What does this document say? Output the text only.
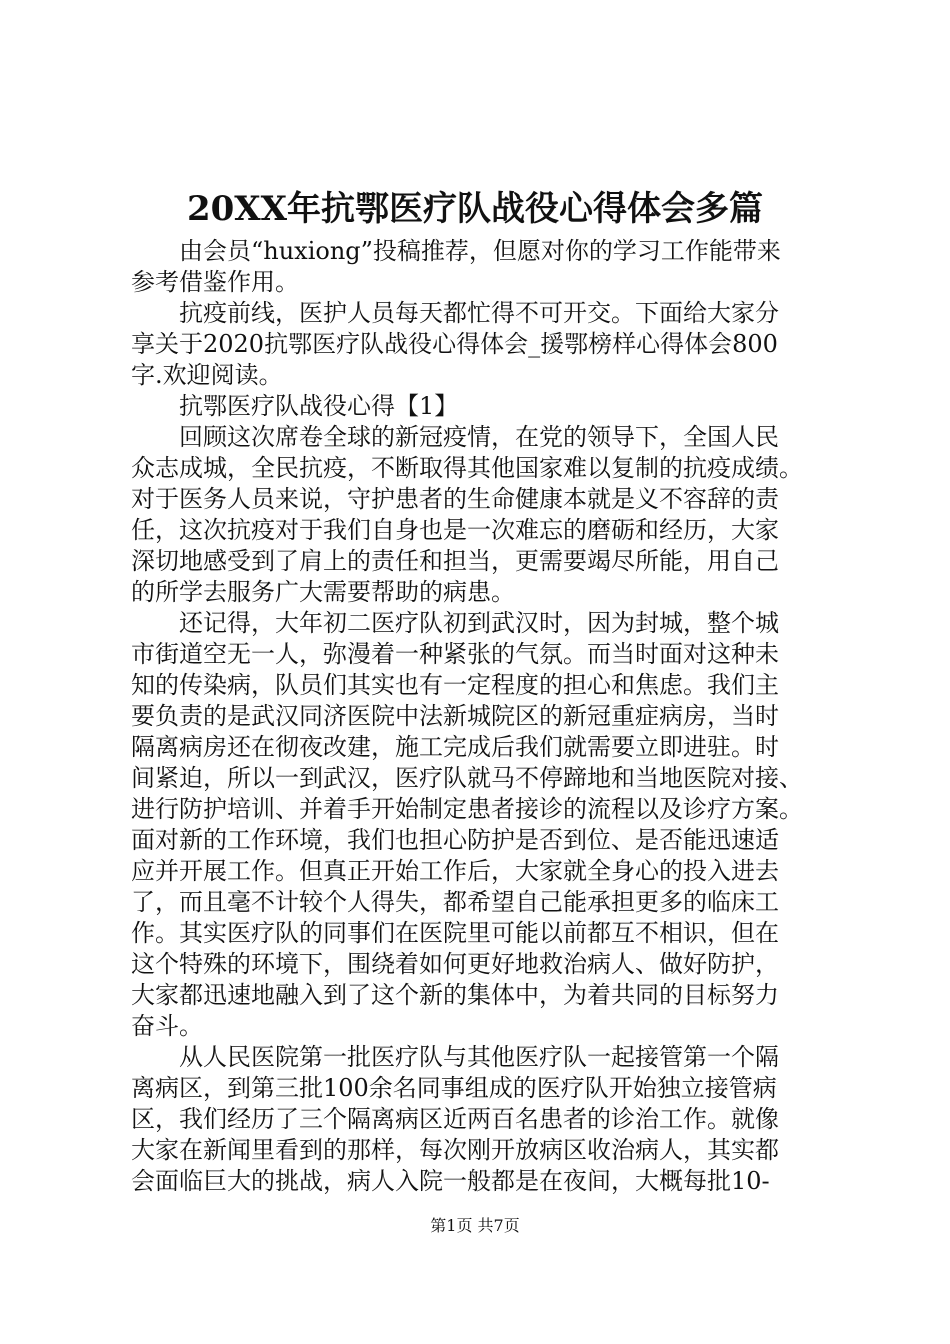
20XX年抗鄂医疗队战役心得体会多篇
由会员“huxiong”投稿推荐，但愿对你的学习工作能带来
参考借鉴作用。
抗疫前线，医护人员每天都忙得不可开交。下面给大家分
享关于2020抗鄂医疗队战役心得体会_援鄂榜样心得体会800
字.欢迎阅读。
抗鄂医疗队战役心得【1】
回顾这次席卷全球的新冠疫情，在党的领导下，全国人民
众志成城，全民抗疫，不断取得其他国家难以复制的抗疫成绩。
对于医务人员来说，守护患者的生命健康本就是义不容辞的责
任，这次抗疫对于我们自身也是一次难忘的磨砺和经历，大家
深切地感受到了肩上的责任和担当，更需要竭尽所能，用自己
的所学去服务广大需要帮助的病患。
还记得，大年初二医疗队初到武汉时，因为封城，整个城
市街道空无一人，弥漫着一种紧张的气氛。而当时面对这种未
知的传染病，队员们其实也有一定程度的担心和焦虑。我们主
要负责的是武汉同济医院中法新城院区的新冠重症病房，当时
隔离病房还在彻夜改建，施工完成后我们就需要立即进驻。时
间紧迫，所以一到武汉，医疗队就马不停蹄地和当地医院对接、
进行防护培训、并着手开始制定患者接诊的流程以及诊疗方案。
面对新的工作环境，我们也担心防护是否到位、是否能迅速适
应并开展工作。但真正开始工作后，大家就全身心的投入进去
了，而且毫不计较个人得失，都希望自己能承担更多的临床工
作。其实医疗队的同事们在医院里可能以前都互不相识，但在
这个特殊的环境下，围绕着如何更好地救治病人、做好防护，
大家都迅速地融入到了这个新的集体中，为着共同的目标努力
奋斗。
从人民医院第一批医疗队与其他医疗队一起接管第一个隔
离病区，到第三批100余名同事组成的医疗队开始独立接管病
区，我们经历了三个隔离病区近两百名患者的诊治工作。就像
大家在新闻里看到的那样，每次刚开放病区收治病人，其实都
会面临巨大的挑战，病人入院一般都是在夜间，大概每批10-
第1页 共7页
